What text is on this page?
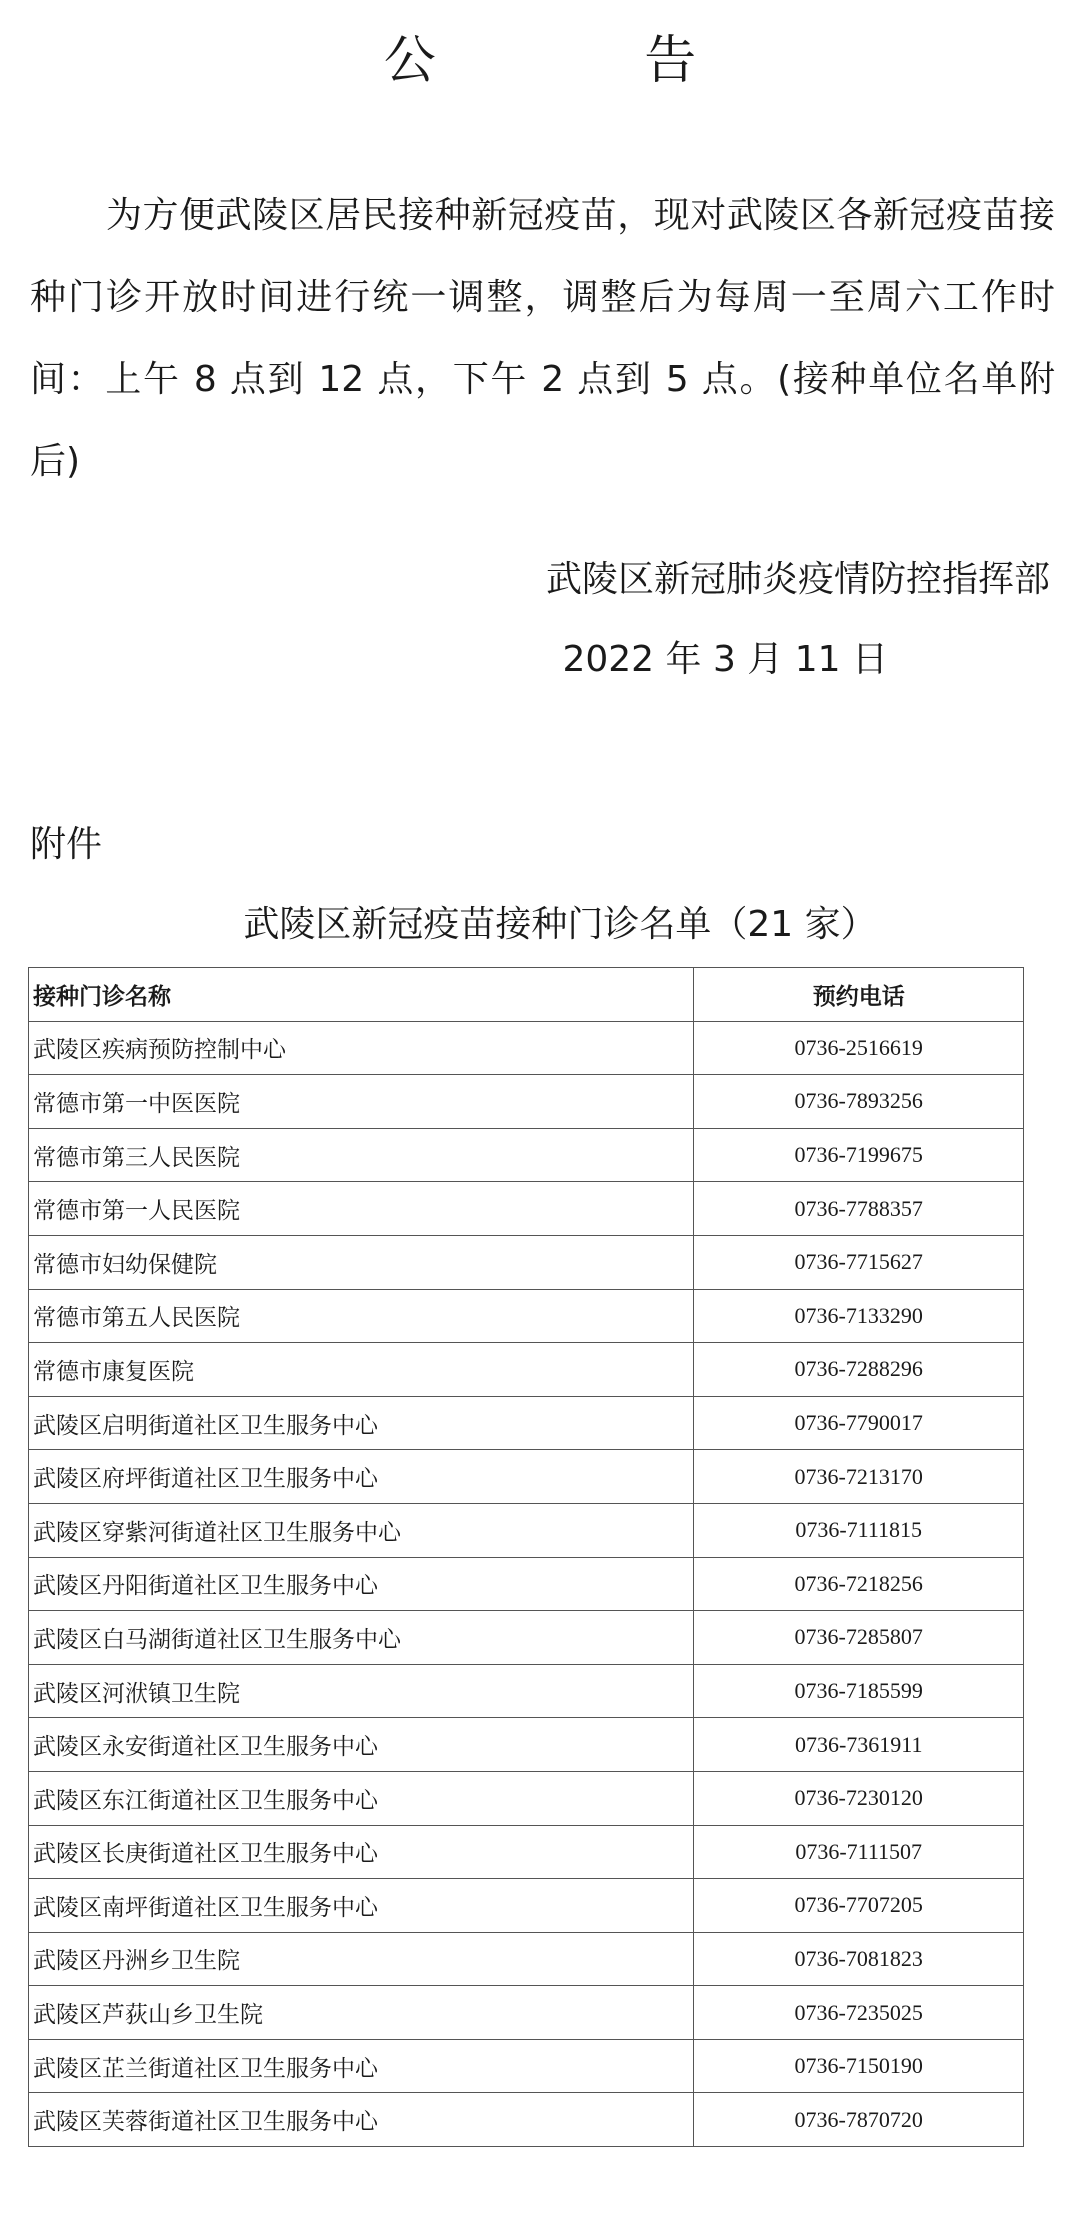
公 告

为方便武陵区居民接种新冠疫苗，现对武陵区各新冠疫苗接种门诊开放时间进行统一调整，调整后为每周一至周六工作时间：上午 8 点到 12 点，下午 2 点到 5 点。(接种单位名单附后)

武陵区新冠肺炎疫情防控指挥部
2022 年 3 月 11 日
附件
武陵区新冠疫苗接种门诊名单（21 家）
接种门诊名称	预约电话
武陵区疾病预防控制中心	0736-2516619
常德市第一中医医院	0736-7893256
常德市第三人民医院	0736-7199675
常德市第一人民医院	0736-7788357
常德市妇幼保健院	0736-7715627
常德市第五人民医院	0736-7133290
常德市康复医院	0736-7288296
武陵区启明街道社区卫生服务中心	0736-7790017
武陵区府坪街道社区卫生服务中心	0736-7213170
武陵区穿紫河街道社区卫生服务中心	0736-7111815
武陵区丹阳街道社区卫生服务中心	0736-7218256
武陵区白马湖街道社区卫生服务中心	0736-7285807
武陵区河洑镇卫生院	0736-7185599
武陵区永安街道社区卫生服务中心	0736-7361911
武陵区东江街道社区卫生服务中心	0736-7230120
武陵区长庚街道社区卫生服务中心	0736-7111507
武陵区南坪街道社区卫生服务中心	0736-7707205
武陵区丹洲乡卫生院	0736-7081823
武陵区芦荻山乡卫生院	0736-7235025
武陵区芷兰街道社区卫生服务中心	0736-7150190
武陵区芙蓉街道社区卫生服务中心	0736-7870720
